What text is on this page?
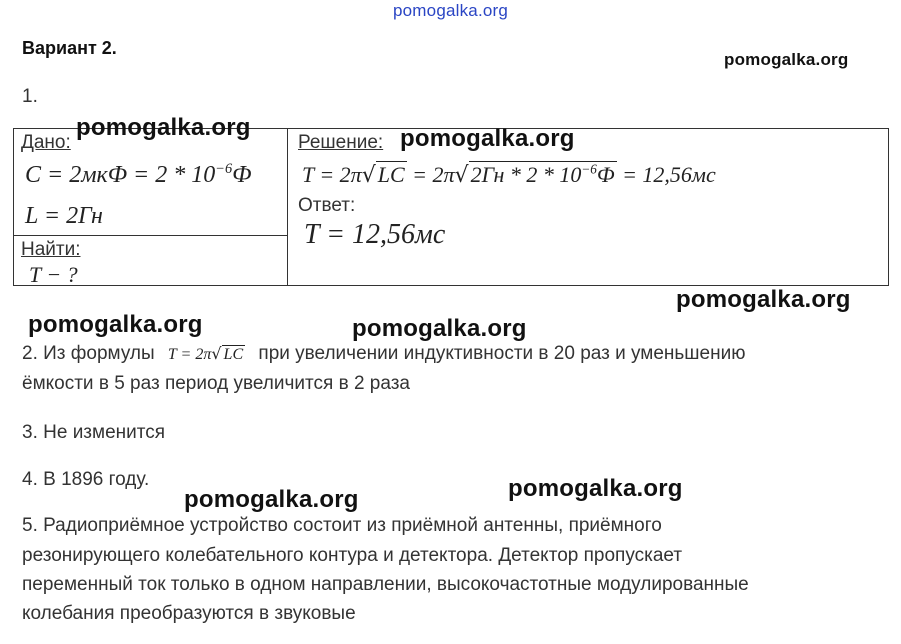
pomogalka.org
Вариант 2.
pomogalka.org
1.
Дано:
pomogalka.org
$C = 2мкФ = 2 * 10^{-6}Ф$
L = 2Гн
Найти:
T − ?
Решение: pomogalka.org
$T = 2\pi√LC = 2\pi√2Гн * 2 * 10^{-6}Ф = 12,56мс$
Ответ:
T = 12,56мс
pomogalka.org
pomogalka.org	pomogalka.org
2. Из формулы T = 2π√ LC при увеличении индуктивности в 20 раз и уменьшению
ёмкости в 5 раз период увеличится в 2 раза
3. Не изменится
4. В 1896 году.	pomogalka.org
pomogalka.org
5. Радиоприёмное устройство состоит из приёмной антенны, приёмного
резонирующего колебательного контура и детектора. Детектор пропускает
переменный ток только в одном направлении, высокочастотные модулированные
колебания преобразуются в звуковые
